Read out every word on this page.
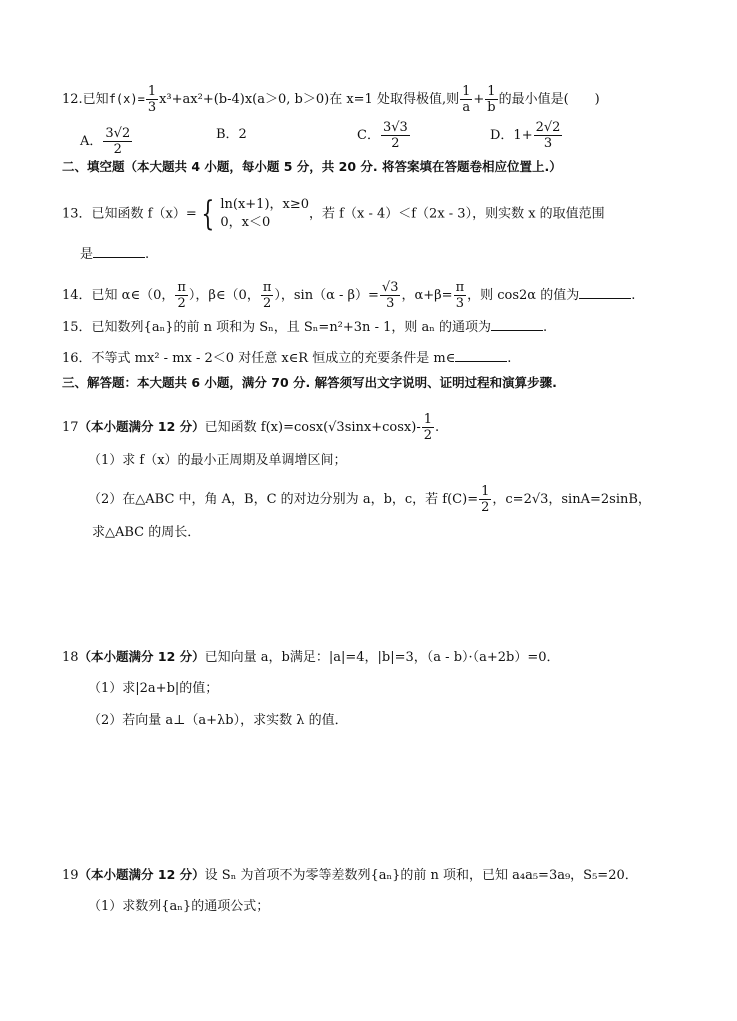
12.已知$f(x)= \frac{1}{3} x^3+ax^2+(b-4)x(a>0$, b＞0)在 x=1 处取得极值,则 $\frac{1}{a} + \frac{1}{b}$ 的最小值是(　　)
A． $\frac{3√2}{2}$	B．2	C． $\frac{3√3}{2}$	D．$1+ \frac{2√2}{3}$
二、填空题（本大题共 4 小题，每小题 5 分，共 20 分. 将答案填在答题卷相应位置上.）
13．已知函数 f（x）= { ln(x+1)，x≥0
0，x＜0
，若 f（x - 4）＜f（2x - 3），则实数 x 的取值范围
是	.
14．已知 α∈（0， $\frac{\pi}{2}$ ），β∈（0， $\frac{\pi}{2}$ ），$\sin(\alpha - \beta)= \frac{√3}{3}$ ，$\alpha+\beta= \frac{\pi}{3}$ ，则 cos2α 的值为	.
15．已知数列{aₙ}的前 n 项和为 Sₙ，且 Sₙ=n²+3n - 1，则 aₙ 的通项为	.
16．不等式 mx² - mx - 2＜0 对任意 x∈R 恒成立的充要条件是 m∈	.
三、解答题：本大题共 6 小题，满分 70 分. 解答须写出文字说明、证明过程和演算步骤.
17（本小题满分 12 分）已知函数 $f(x)=\cos x(√3\sin x+\cos x)- \frac{1}{2}$ .
（1）求 f（x）的最小正周期及单调增区间；
（2）在△ABC 中，角 A，B，C 的对边分别为 a，b，c，若 $f(C)= \frac{1}{2}$ ，c=2√3，sinA=2sinB，
求△ABC 的周长．
18（本小题满分 12 分）已知向量 a，b满足：|a|=4，|b|=3，（a - b）·（a+2b）=0．
（1）求|2a+b|的值；
（2）若向量 a⊥（a+λb），求实数 λ 的值．
19（本小题满分 12 分）设 Sₙ 为首项不为零等差数列{aₙ}的前 n 项和，已知 a₄a₅=3a₉，S₅=20．
（1）求数列{aₙ}的通项公式；
